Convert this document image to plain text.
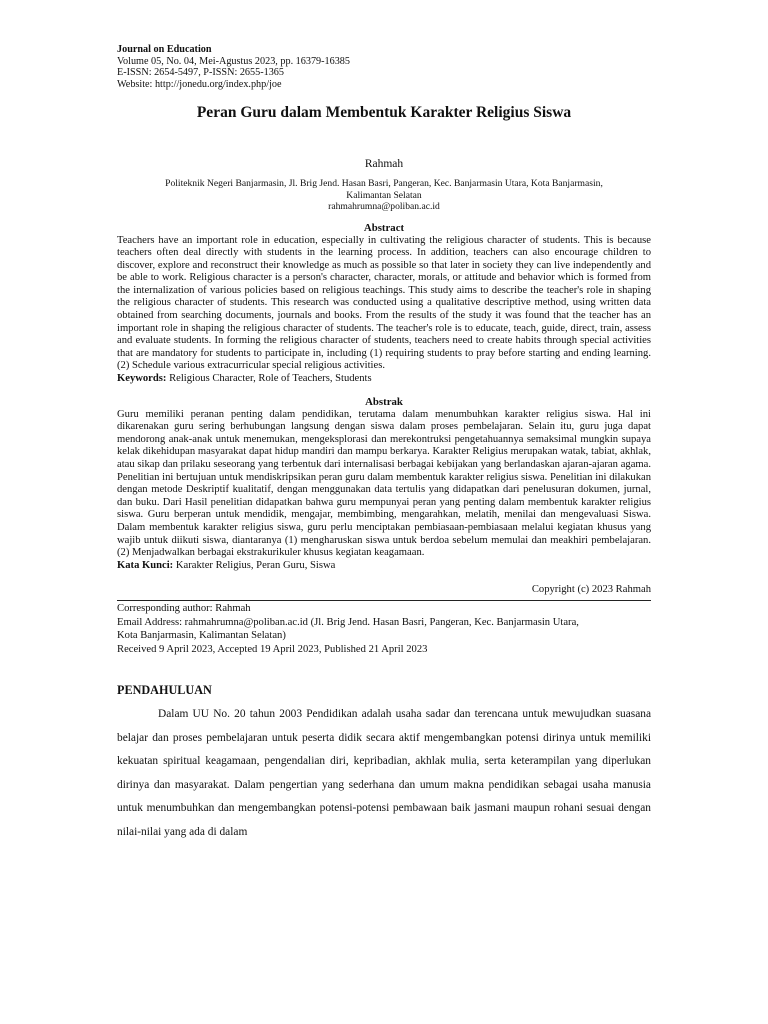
Journal on Education
Volume 05, No. 04, Mei-Agustus 2023, pp. 16379-16385
E-ISSN: 2654-5497, P-ISSN: 2655-1365
Website: http://jonedu.org/index.php/joe
Peran Guru dalam Membentuk Karakter Religius Siswa
Rahmah
Politeknik Negeri Banjarmasin, Jl. Brig Jend. Hasan Basri, Pangeran, Kec. Banjarmasin Utara, Kota Banjarmasin,
Kalimantan Selatan
rahmahrumna@poliban.ac.id
Abstract
Teachers have an important role in education, especially in cultivating the religious character of students. This is because teachers often deal directly with students in the learning process. In addition, teachers can also encourage children to discover, explore and reconstruct their knowledge as much as possible so that later in society they can live independently and be able to work. Religious character is a person's character, character, morals, or attitude and behavior which is formed from the internalization of various policies based on religious teachings. This study aims to describe the teacher's role in shaping the religious character of students. This research was conducted using a qualitative descriptive method, using written data obtained from searching documents, journals and books. From the results of the study it was found that the teacher has an important role in shaping the religious character of students. The teacher's role is to educate, teach, guide, direct, train, assess and evaluate students. In forming the religious character of students, teachers need to create habits through special activities that are mandatory for students to participate in, including (1) requiring students to pray before starting and ending learning. (2) Schedule various extracurricular special religious activities.
Keywords: Religious Character, Role of Teachers, Students
Abstrak
Guru memiliki peranan penting dalam pendidikan, terutama dalam menumbuhkan karakter religius siswa. Hal ini dikarenakan guru sering berhubungan langsung dengan siswa dalam proses pembelajaran. Selain itu, guru juga dapat mendorong anak-anak untuk menemukan, mengeksplorasi dan merekontruksi pengetahuannya semaksimal mungkin supaya kelak dikehidupan masyarakat dapat hidup mandiri dan mampu berkarya. Karakter Religius merupakan watak, tabiat, akhlak, atau sikap dan prilaku seseorang yang terbentuk dari internalisasi berbagai kebijakan yang berlandaskan ajaran-ajaran agama. Penelitian ini bertujuan untuk mendiskripsikan peran guru dalam membentuk karakter religius siswa. Penelitian ini dilakukan dengan metode Deskriptif kualitatif, dengan menggunakan data tertulis yang didapatkan dari penelusuran dokumen, jurnal, dan buku. Dari Hasil penelitian didapatkan bahwa guru mempunyai peran yang penting dalam membentuk karakter religius siswa. Guru berperan untuk mendidik, mengajar, membimbing, mengarahkan, melatih, menilai dan mengevaluasi Siswa. Dalam membentuk karakter religius siswa, guru perlu menciptakan pembiasaan-pembiasaan melalui kegiatan khusus yang wajib untuk diikuti siswa, diantaranya (1) mengharuskan siswa untuk berdoa sebelum memulai dan meakhiri pembelajaran. (2) Menjadwalkan berbagai ekstrakurikuler khusus kegiatan keagamaan.
Kata Kunci: Karakter Religius, Peran Guru, Siswa
Copyright (c) 2023 Rahmah
Corresponding author: Rahmah
Email Address: rahmahrumna@poliban.ac.id (Jl. Brig Jend. Hasan Basri, Pangeran, Kec. Banjarmasin Utara,
Kota Banjarmasin, Kalimantan Selatan)
Received 9 April 2023, Accepted 19 April 2023, Published 21 April 2023
PENDAHULUAN
Dalam UU No. 20 tahun 2003 Pendidikan adalah usaha sadar dan terencana untuk mewujudkan suasana belajar dan proses pembelajaran untuk peserta didik secara aktif mengembangkan potensi dirinya untuk memiliki kekuatan spiritual keagamaan, pengendalian diri, kepribadian, akhlak mulia, serta keterampilan yang diperlukan dirinya dan masyarakat. Dalam pengertian yang sederhana dan umum makna pendidikan sebagai usaha manusia untuk menumbuhkan dan mengembangkan potensi-potensi pembawaan baik jasmani maupun rohani sesuai dengan nilai-nilai yang ada di dalam
